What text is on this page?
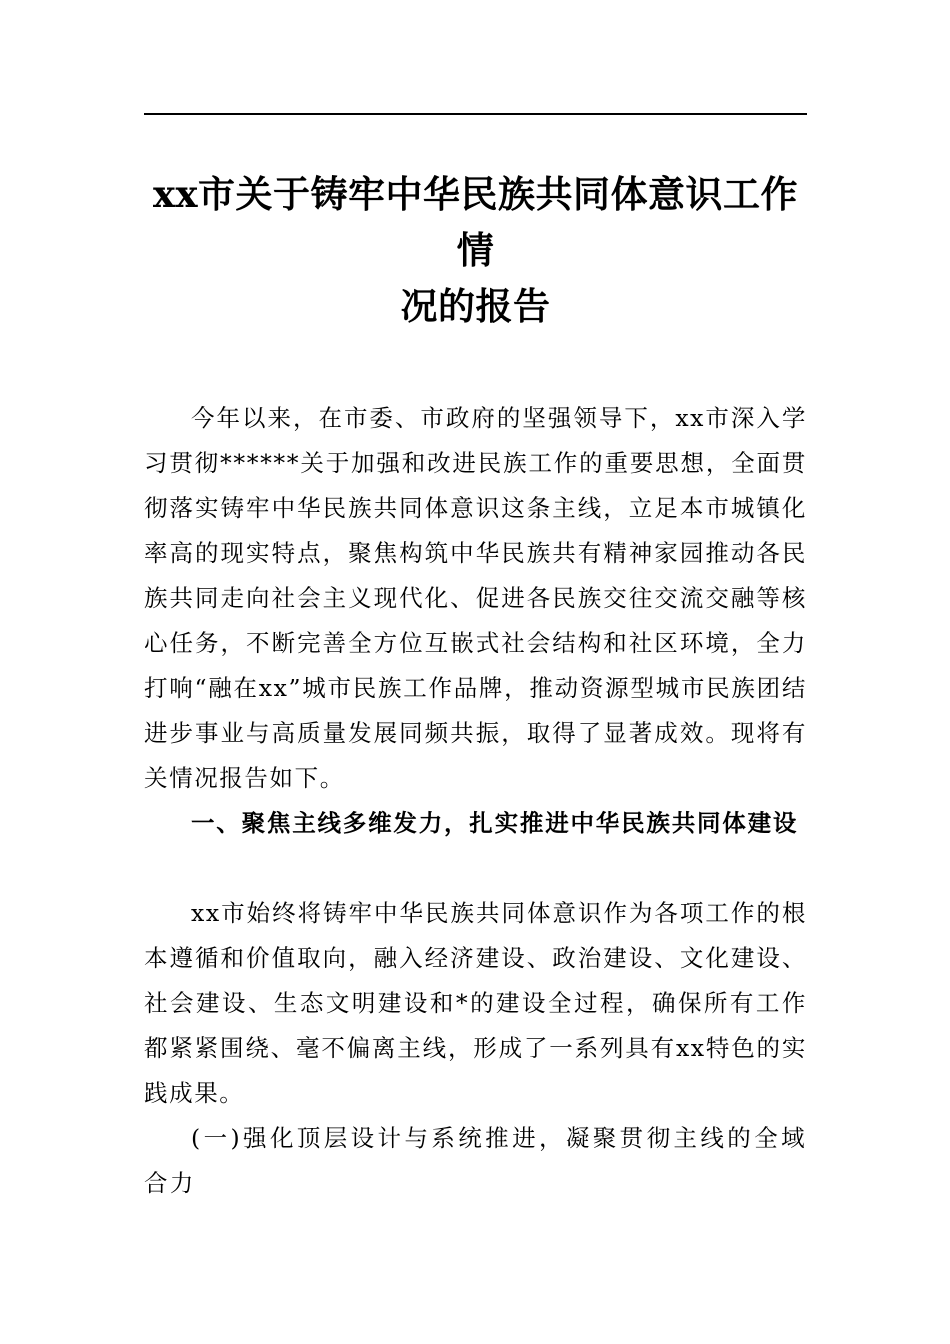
xx市关于铸牢中华民族共同体意识工作情
况的报告

今年以来，在市委、市政府的坚强领导下，xx市深入学习贯彻******关于加强和改进民族工作的重要思想，全面贯彻落实铸牢中华民族共同体意识这条主线，立足本市城镇化率高的现实特点，聚焦构筑中华民族共有精神家园推动各民族共同走向社会主义现代化、促进各民族交往交流交融等核心任务，不断完善全方位互嵌式社会结构和社区环境，全力打响“融在xx”城市民族工作品牌，推动资源型城市民族团结进步事业与高质量发展同频共振，取得了显著成效。现将有关情况报告如下。

一、聚焦主线多维发力，扎实推进中华民族共同体建设

xx市始终将铸牢中华民族共同体意识作为各项工作的根本遵循和价值取向，融入经济建设、政治建设、文化建设、社会建设、生态文明建设和*的建设全过程，确保所有工作都紧紧围绕、毫不偏离主线，形成了一系列具有xx特色的实践成果。

(一)强化顶层设计与系统推进，凝聚贯彻主线的全域合力
